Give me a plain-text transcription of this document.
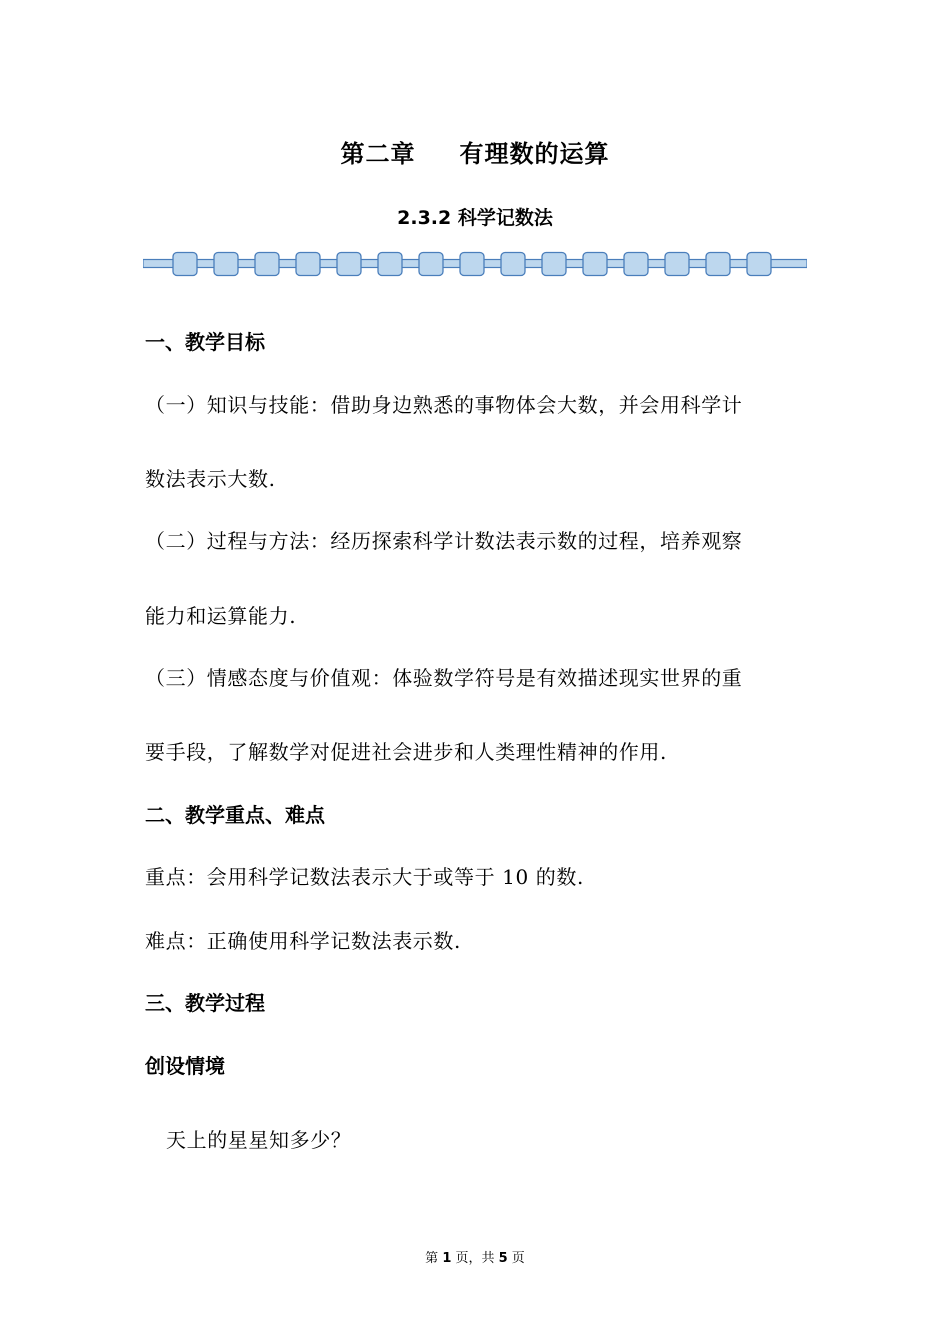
第二章 有理数的运算
2.3.2 科学记数法
一、教学目标
（一）知识与技能：借助身边熟悉的事物体会大数，并会用科学计
数法表示大数.
（二）过程与方法：经历探索科学计数法表示数的过程，培养观察
能力和运算能力.
（三）情感态度与价值观：体验数学符号是有效描述现实世界的重
要手段，了解数学对促进社会进步和人类理性精神的作用.
二、教学重点、难点
重点：会用科学记数法表示大于或等于 10 的数.
难点：正确使用科学记数法表示数.
三、教学过程
创设情境
天上的星星知多少？
第 1 页，共 5 页
